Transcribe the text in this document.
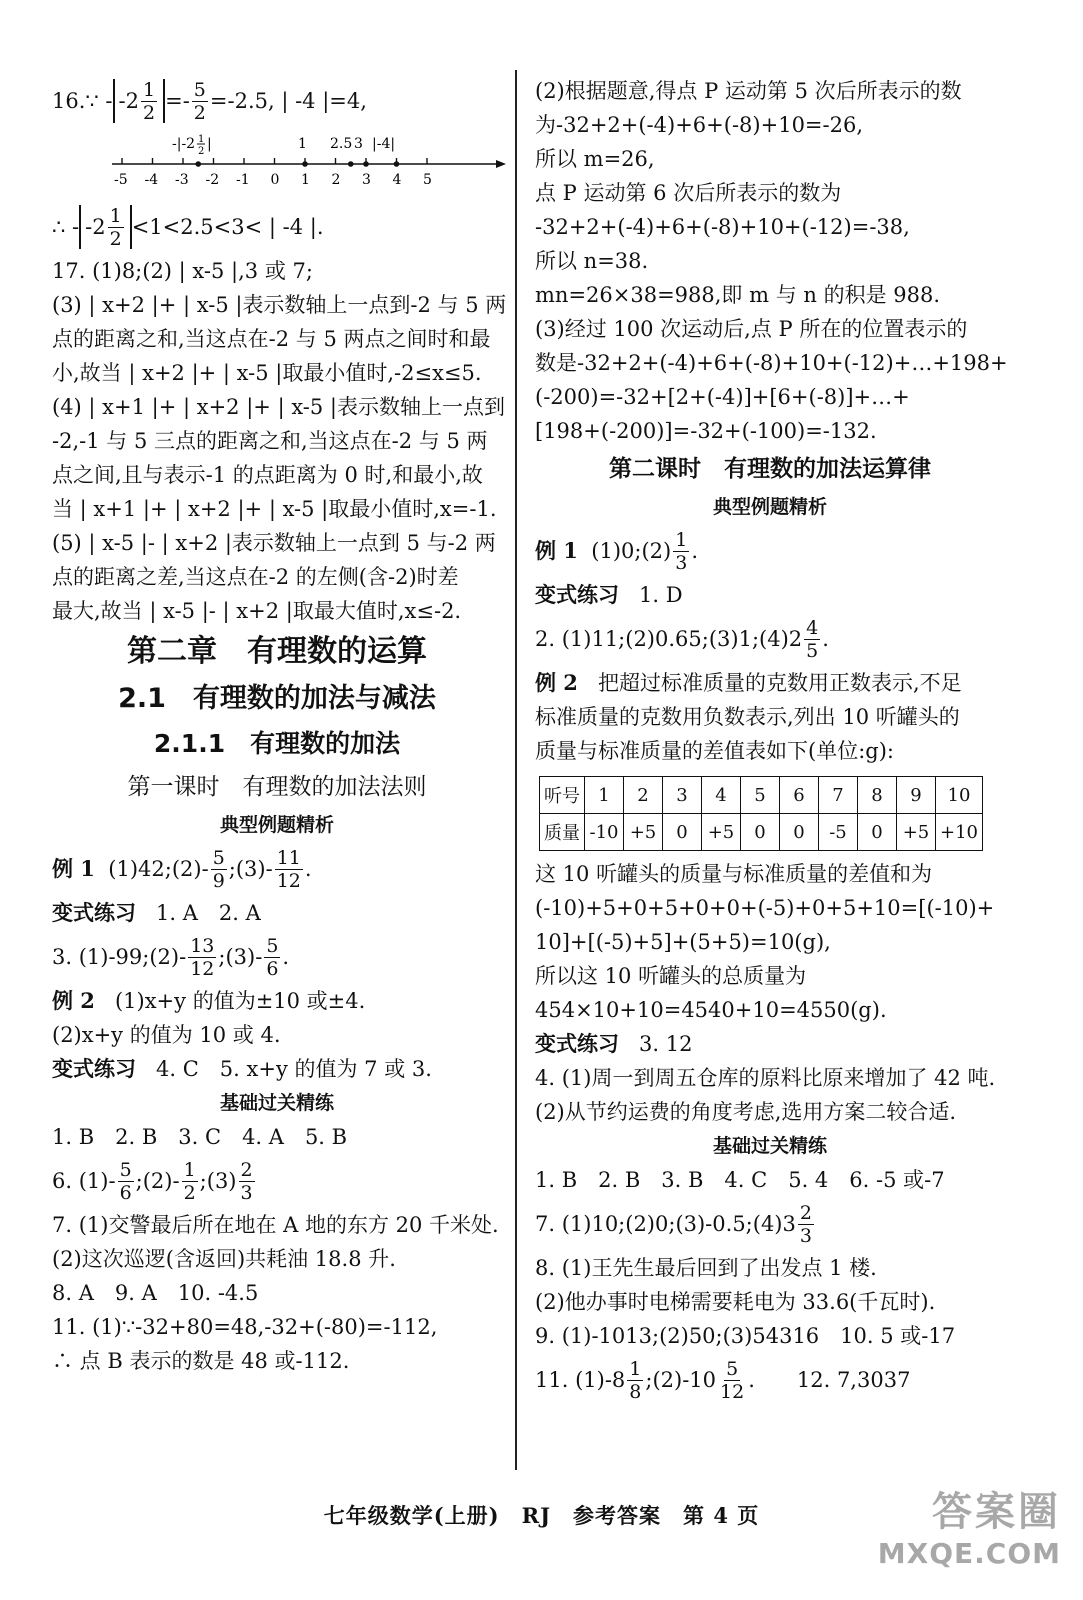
16.∵ - $-2 \frac{1}{2} =- \frac{5}{2} =-2.5$, | -4 |=4,
-5 -4 -3 -2 -1 0 1 2 3 4 5
-|-2 1
2 |	1 2.5 3 |-4|
∴ - $-2 \frac{1}{2} <1<2.5<3<$ | -4 |.
17. (1)8;(2) | x-5 |,3 或 7;
(3) | x+2 |+ | x-5 |表示数轴上一点到-2 与 5 两
点的距离之和,当这点在-2 与 5 两点之间时和最
小,故当 | x+2 |+ | x-5 |取最小值时,-2≤x≤5.
(4) | x+1 |+ | x+2 |+ | x-5 |表示数轴上一点到
-2,-1 与 5 三点的距离之和,当这点在-2 与 5 两
点之间,且与表示-1 的点距离为 0 时,和最小,故
当 | x+1 |+ | x+2 |+ | x-5 |取最小值时,x=-1.
(5) | x-5 |- | x+2 |表示数轴上一点到 5 与-2 两
点的距离之差,当这点在-2 的左侧(含-2)时差
最大,故当 | x-5 |- | x+2 |取最大值时,x≤-2.
第二章　有理数的运算
2.1　有理数的加法与减法
2.1.1　有理数的加法
第一课时　有理数的加法法则
典型例题精析
例 1
(1)42;(2)- $\frac{5}{9}$ ;(3)- $\frac{11}{12}$ .
变式练习 1. A　2. A
3. (1)-99;(2)- $\frac{13}{12}$ ;(3)- $\frac{5}{6}$ .
例 2 (1)x+y 的值为±10 或±4.
(2)x+y 的值为 10 或 4.
变式练习 4. C　5. x+y 的值为 7 或 3.
基础过关精练
1. B　2. B　3. C　4. A　5. B
6. $(1)- \frac{5}{6}$ ;(2)- $\frac{1}{2}$ ;(3) $\frac{2}{3}$
7. (1)交警最后所在地在 A 地的东方 20 千米处.
(2)这次巡逻(含返回)共耗油 18.8 升.
8. A　9. A　10. -4.5
11. (1)∵-32+80=48,-32+(-80)=-112,
∴ 点 B 表示的数是 48 或-112.
(2)根据题意,得点 P 运动第 5 次后所表示的数
为-32+2+(-4)+6+(-8)+10=-26,
所以 m=26,
点 P 运动第 6 次后所表示的数为
-32+2+(-4)+6+(-8)+10+(-12)=-38,
所以 n=38.
mn=26×38=988,即 m 与 n 的积是 988.
(3)经过 100 次运动后,点 P 所在的位置表示的
数是-32+2+(-4)+6+(-8)+10+(-12)+…+198+
(-200)=-32+[2+(-4)]+[6+(-8)]+…+
[198+(-200)]=-32+(-100)=-132.
第二课时　有理数的加法运算律
典型例题精析
例 1
(1)0;(2) $\frac{1}{3}$ .
变式练习 1. D
2. (1)11;(2)0.65;(3)1;(4)2 $\frac{4}{5}$ .
例 2 把超过标准质量的克数用正数表示,不足
标准质量的克数用负数表示,列出 10 听罐头的
质量与标准质量的差值表如下(单位:g):
听号	1	2	3	4	5	6	7	8	9	10
质量	-10	+5	0	+5	0	0	-5	0	+5	+10
这 10 听罐头的质量与标准质量的差值和为
(-10)+5+0+5+0+0+(-5)+0+5+10=[(-10)+
10]+[(-5)+5]+(5+5)=10(g),
所以这 10 听罐头的总质量为
454×10+10=4540+10=4550(g).
变式练习 3. 12
4. (1)周一到周五仓库的原料比原来增加了 42 吨.
(2)从节约运费的角度考虑,选用方案二较合适.
基础过关精练
1. B　2. B　3. B　4. C　5. 4　6. -5 或-7
7. (1)10;(2)0;(3)-0.5;(4)3 $\frac{2}{3}$
8. (1)王先生最后回到了出发点 1 楼.
(2)他办事时电梯需要耗电为 33.6(千瓦时).
9. (1)-1013;(2)50;(3)54316　10. 5 或-17
11. $(1)-8 \frac{1}{8}$ ;(2)-10 $\frac{5}{12}$ .　　12. 7,3037
七年级数学(上册)　RJ　参考答案　第 4 页	答案圈
MXQE.COM
